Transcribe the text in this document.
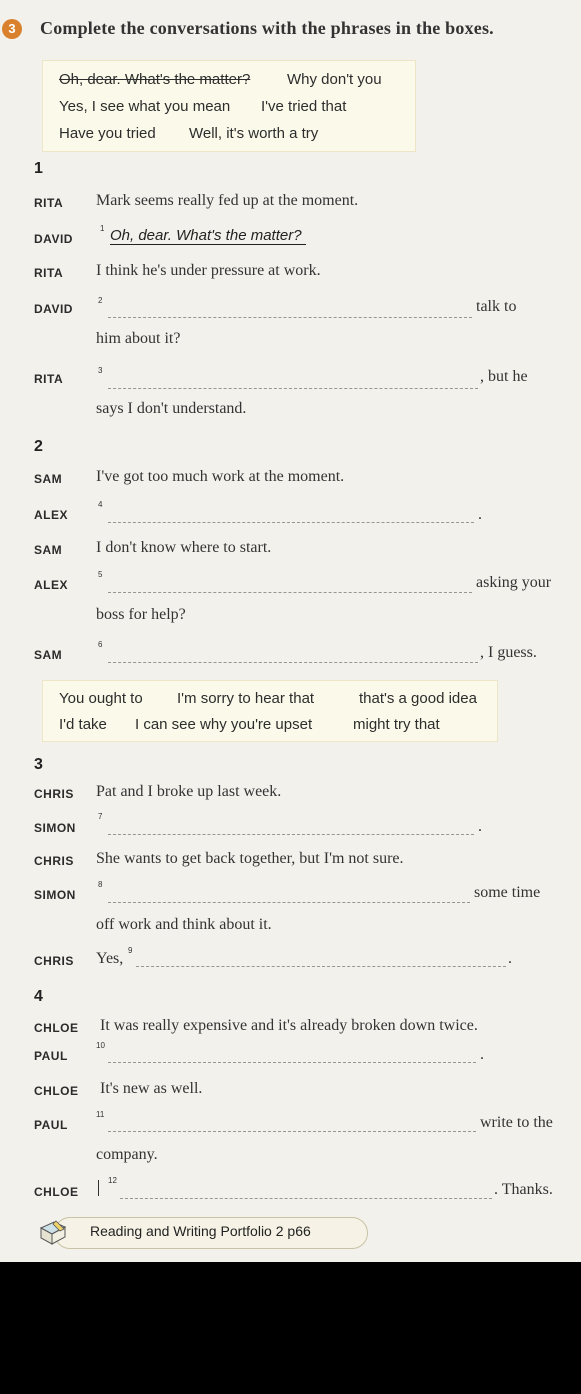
3	Complete the conversations with the phrases in the boxes.
Oh, dear. What's the matter? Why don't you
Yes, I see what you mean I've tried that
Have you tried Well, it's worth a try
1
RITA Mark seems really fed up at the moment.
DAVID
1 Oh, dear. What's the matter?
RITA I think he's under pressure at work.
DAVID
2	talk to
him about it?
RITA
3	, but he
says I don't understand.
2
SAM I've got too much work at the moment.
ALEX
4
.
SAM I don't know where to start.
ALEX
5	asking your
boss for help?
SAM
6	, I guess.
You ought to I'm sorry to hear that	that's a good idea
I'd take I can see why you're upset	might try that
3
CHRIS Pat and I broke up last week.
SIMON
7
.
CHRIS She wants to get back together, but I'm not sure.
SIMON
8	some time
off work and think about it.
CHRIS Yes, 9	.
4
CHLOE It was really expensive and it's already broken down twice.
PAUL
10
.
CHLOE It's new as well.
PAUL
11	write to the
company.
CHLOE
12
. Thanks.
Reading and Writing Portfolio 2 p66
